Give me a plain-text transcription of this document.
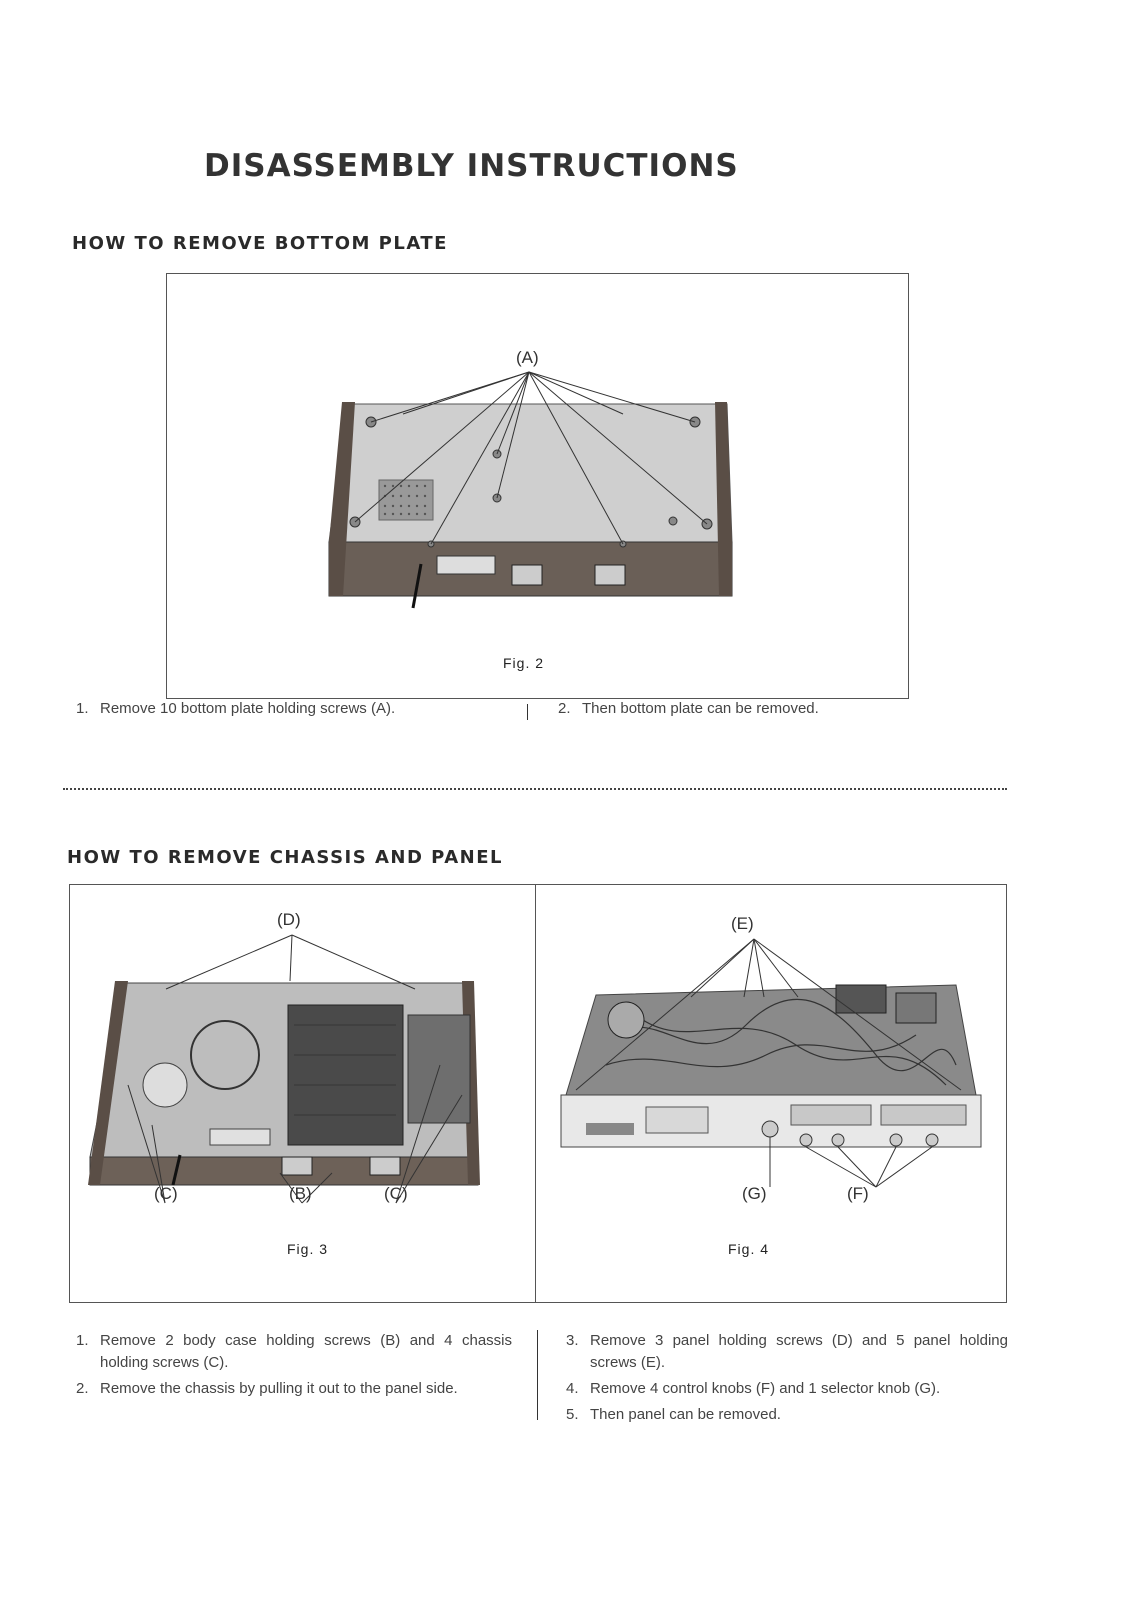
DISASSEMBLY INSTRUCTIONS
HOW TO REMOVE BOTTOM PLATE
(A)
Fig. 2
1. Remove 10 bottom plate holding screws (A).	2. Then bottom plate can be removed.
HOW TO REMOVE CHASSIS AND PANEL
(D)
(C)	(B)	(C)
Fig. 3
(E)
(G)	(F)
Fig. 4
1. Remove 2 body case holding screws (B) and 4 chassis holding screws (C).
2. Remove the chassis by pulling it out to the panel side.
3. Remove 3 panel holding screws (D) and 5 panel holding screws (E).
4. Remove 4 control knobs (F) and 1 selector knob (G).
5. Then panel can be removed.
